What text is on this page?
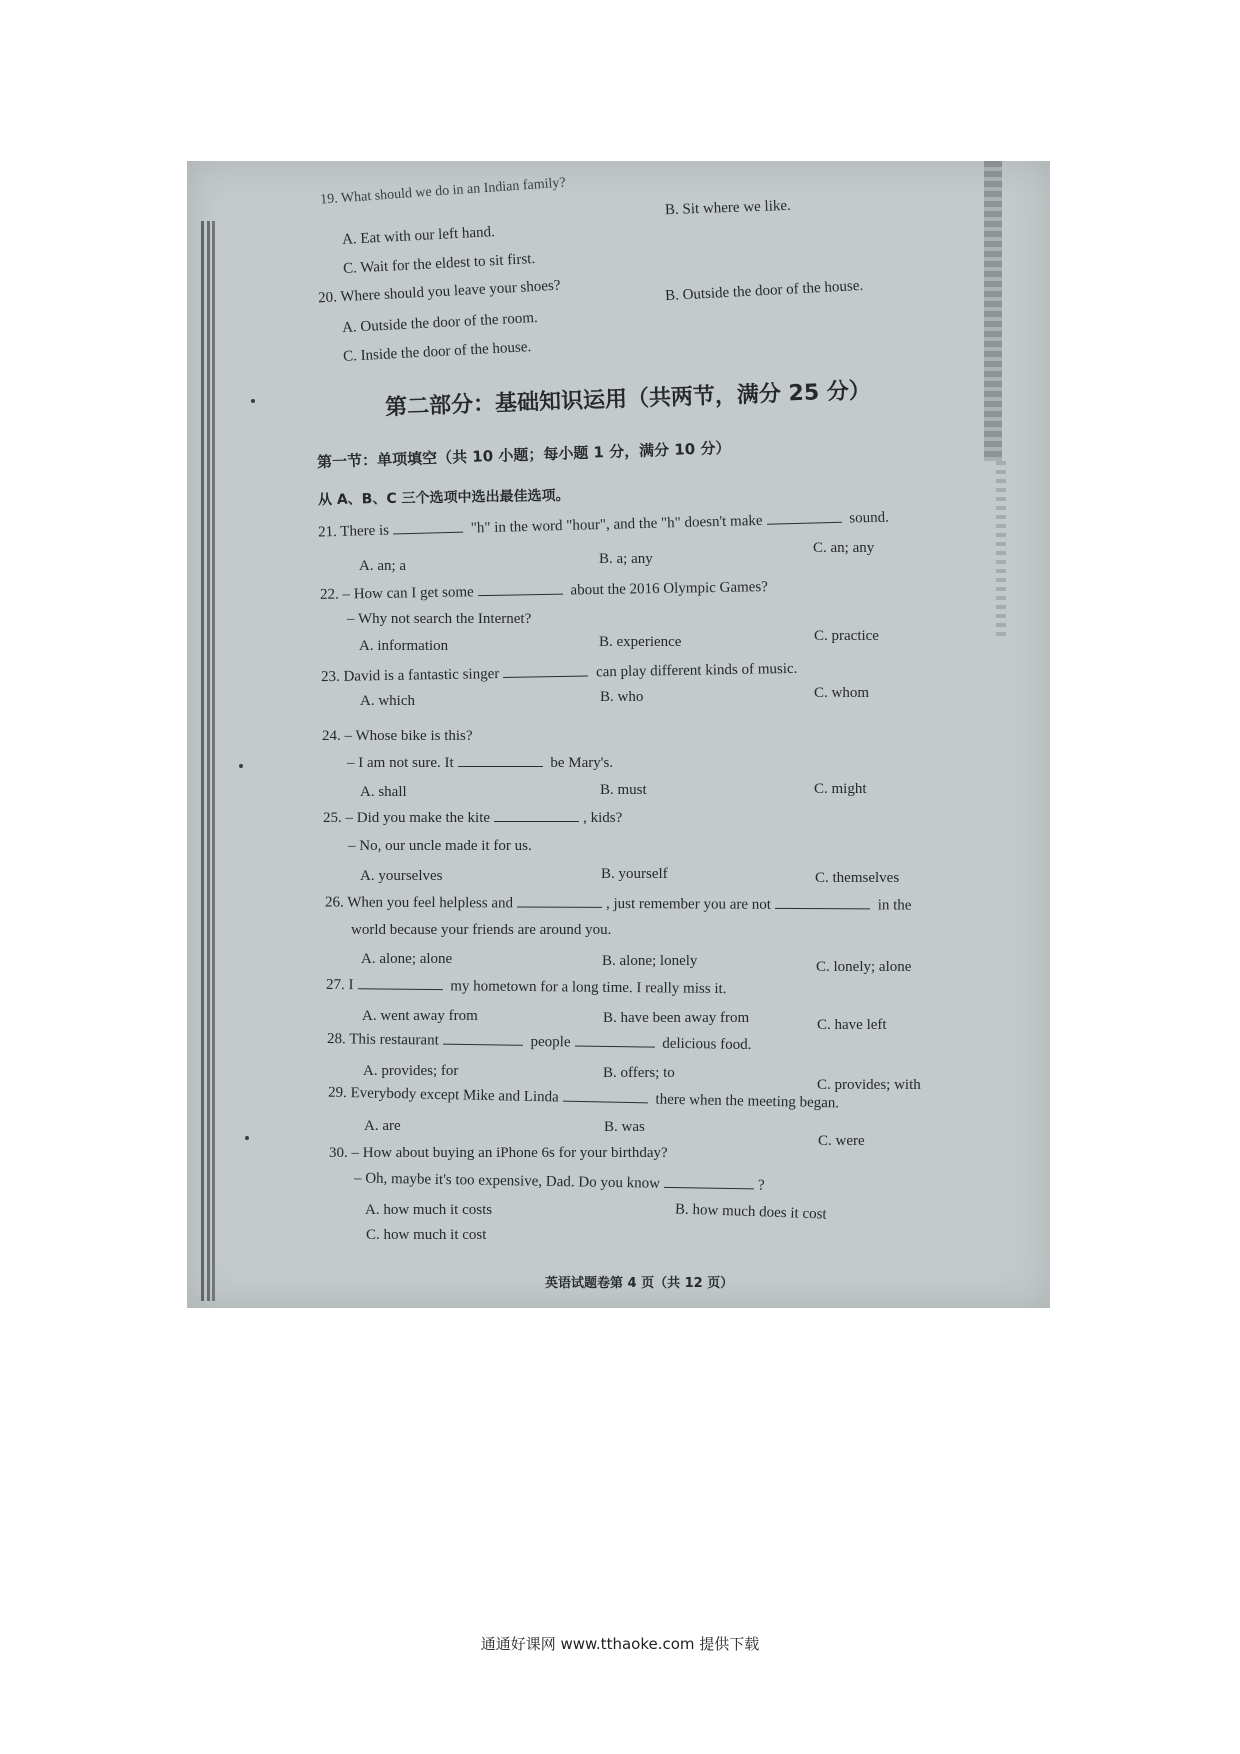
19. What should we do in an Indian family?
B. Sit where we like.
A. Eat with our left hand.
C. Wait for the eldest to sit first.
20. Where should you leave your shoes?	B. Outside the door of the house.
A. Outside the door of the room.
C. Inside the door of the house.
第二部分：基础知识运用（共两节，满分 25 分）
第一节：单项填空（共 10 小题；每小题 1 分，满分 10 分）
从 A、B、C 三个选项中选出最佳选项。
21. There is	"h" in the word "hour", and the "h" doesn't make	sound.
A. an; a	B. a; any
C. an; any
22. – How can I get some	about the 2016 Olympic Games?
– Why not search the Internet?
A. information	B. experience	C. practice
23. David is a fantastic singer	can play different kinds of music.
A. which	B. who	C. whom
24. – Whose bike is this?
– I am not sure. It	be Mary's.
A. shall	B. must	C. might
25. – Did you make the kite	, kids?
– No, our uncle made it for us.
A. yourselves	B. yourself	C. themselves
26. When you feel helpless and	, just remember you are not	in the
world because your friends are around you.
A. alone; alone	B. alone; lonely	C. lonely; alone
27. I	my hometown for a long time. I really miss it.
A. went away from	B. have been away from	C. have left
28. This restaurant	people	delicious food.
A. provides; for	B. offers; to
C. provides; with
29. Everybody except Mike and Linda	there when the meeting began.
A. are	B. was
C. were
30. – How about buying an iPhone 6s for your birthday?
– Oh, maybe it's too expensive, Dad. Do you know	?
A. how much it costs	B. how much does it cost
C. how much it cost
英语试题卷第 4 页（共 12 页）
通通好课网 www.tthaoke.com 提供下载
